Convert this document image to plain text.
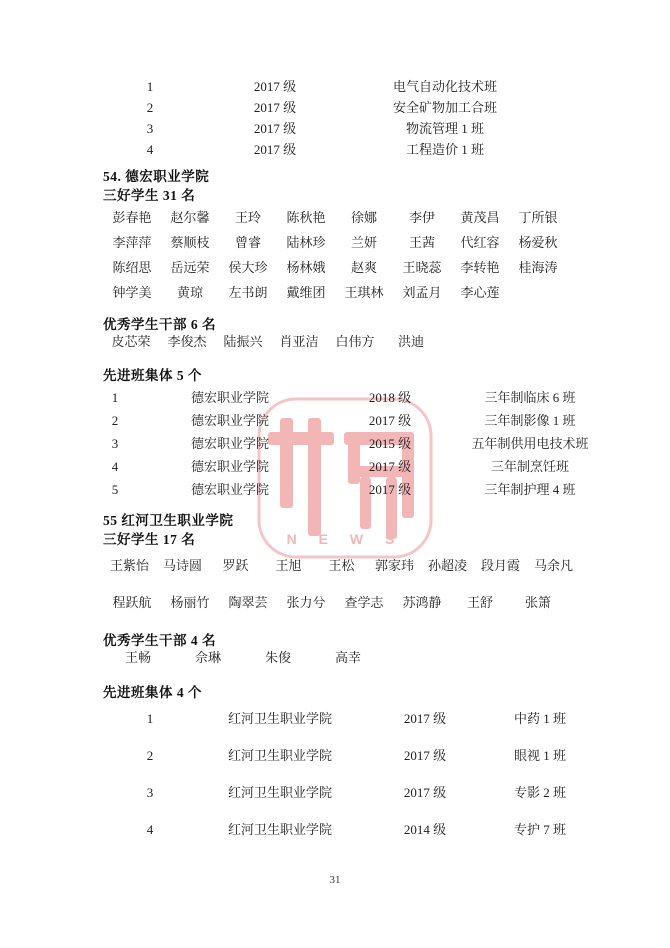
N E W S
1	2017 级	电气自动化技术班
2	2017 级	安全矿物加工合班
3	2017 级	物流管理 1 班
4	2017 级	工程造价 1 班
54. 德宏职业学院
三好学生 31 名
彭春艳	赵尔馨	王玲	陈秋艳	徐娜	李伊	黄茂昌	丁所银
李萍萍	蔡顺枝	曾睿	陆林珍	兰妍	王茜	代红容	杨爱秋
陈绍思	岳远荣	侯大珍	杨林娥	赵爽	王晓蕊	李转艳	桂海涛
钟学美	黄琼	左书朗	戴维团	王琪林	刘孟月	李心莲
优秀学生干部 6 名
皮芯荣	李俊杰	陆振兴	肖亚洁	白伟方	洪迪
先进班集体 5 个
1	德宏职业学院	2018 级	三年制临床 6 班
2	德宏职业学院	2017 级	三年制影像 1 班
3	德宏职业学院	2015 级	五年制供用电技术班
4	德宏职业学院	2017 级	三年制烹饪班
5	德宏职业学院	2017 级	三年制护理 4 班
55 红河卫生职业学院
三好学生 17 名
王紫怡	马诗圆	罗跃	王旭	王松	郭家玮	孙超凌	段月霞	马余凡
程跃航	杨丽竹	陶翠芸	张力兮	查学志	苏鸿静	王舒	张箫
优秀学生干部 4 名
王畅	佘琳	朱俊	高幸
先进班集体 4 个
1	红河卫生职业学院	2017 级	中药 1 班
2	红河卫生职业学院	2017 级	眼视 1 班
3	红河卫生职业学院	2017 级	专影 2 班
4	红河卫生职业学院	2014 级	专护 7 班
31
